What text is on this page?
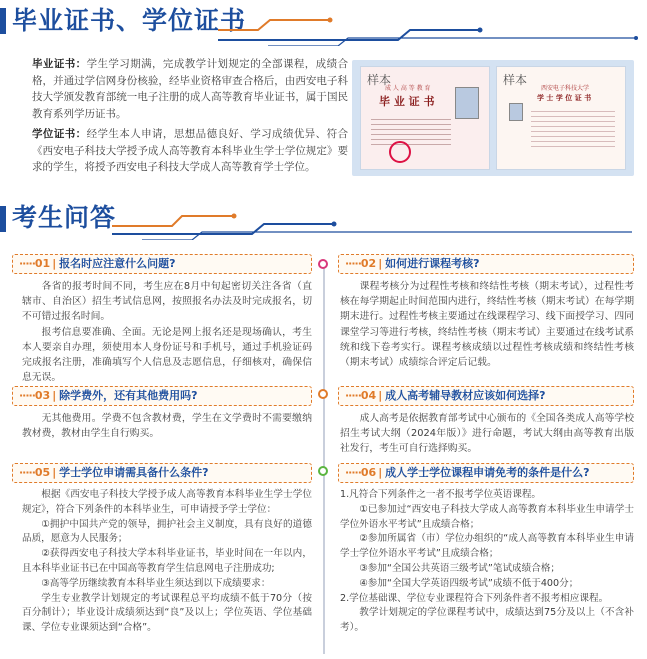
毕业证书、学位证书
毕业证书：学生学习期满，完成教学计划规定的全部课程，成绩合格，并通过学信网身份核验，经毕业资格审查合格后，由西安电子科技大学颁发教育部统一电子注册的成人高等教育毕业证书，属于国民教育系列学历证书。
学位证书：经学生本人申请，思想品德良好、学习成绩优异、符合《西安电子科技大学授予成人高等教育本科毕业生学士学位规定》要求的学生，将授予西安电子科技大学成人高等教育学士学位。
样本
成 人 高 等 教 育
毕 业 证 书
样本
西安电子科技大学
学 士 学 位 证 书
考生问答
·····01 | 报名时应注意什么问题?	·····02 | 如何进行课程考核?
·····03 | 除学费外，还有其他费用吗?	·····04 | 成人高考辅导教材应该如何选择?
·····05 | 学士学位申请需具备什么条件?	·····06 | 成人学士学位课程申请免考的条件是什么?

各省的报考时间不同，考生应在8月中旬起密切关注各省（直辖市、自治区）招生考试信息网，按照报名办法及时完成报名，切不可错过报名时间。

报考信息要准确、全面。无论是网上报名还是现场确认，考生本人要亲自办理，须使用本人身份证号和手机号，通过手机验证码完成报名注册，准确填写个人信息及志愿信息，仔细核对，确保信息无误。

课程考核分为过程性考核和终结性考核（期末考试），过程性考核在每学期起止时间范围内进行，终结性考核（期末考试）在每学期期末进行。过程性考核主要通过在线课程学习、线下面授学习、四同课堂学习等进行考核，终结性考核（期末考试）主要通过在线考试系统和线下卷考实行。课程考核成绩以过程性考核成绩和终结性考核（期末考试）成绩综合评定后记载。

无其他费用。学费不包含教材费，学生在文学费时不需要缴纳教材费，教材由学生自行购买。

成人高考是依据教育部考试中心颁布的《全国各类成人高等学校招生考试大纲（2024年版）》进行命题，考试大纲由高等教育出版社发行，考生可自行选择购买。

根据《西安电子科技大学授予成人高等教育本科毕业生学士学位规定》，符合下列条件的本科毕业生，可申请授予学士学位：

①拥护中国共产党的领导，拥护社会主义制度，具有良好的道德品质，愿意为人民服务；

②获得西安电子科技大学本科毕业证书，毕业时间在一年以内，且本科毕业证书已在中国高等教育学生信息网电子注册成功;

③高等学历继续教育本科毕业生须达到以下成绩要求：

学生专业教学计划规定的考试课程总平均成绩不低于70分（按百分制计）；毕业设计成绩须达到“良”及以上；学位英语、学位基础课、学位专业课须达到“合格”。

1.凡符合下列条件之一者不报考学位英语课程。

①已参加过“西安电子科技大学成人高等教育本科毕业生申请学士学位外语水平考试”且成绩合格；

②参加所属省（市）学位办组织的“成人高等教育本科毕业生申请学士学位外语水平考试”且成绩合格；

③参加“全国公共英语三级考试”笔试成绩合格；

④参加“全国大学英语四级考试”成绩不低于400分；

2.学位基础课、学位专业课程符合下列条件者不报考相应课程。

教学计划规定的学位课程考试中，成绩达到75分及以上（不含补考）。
